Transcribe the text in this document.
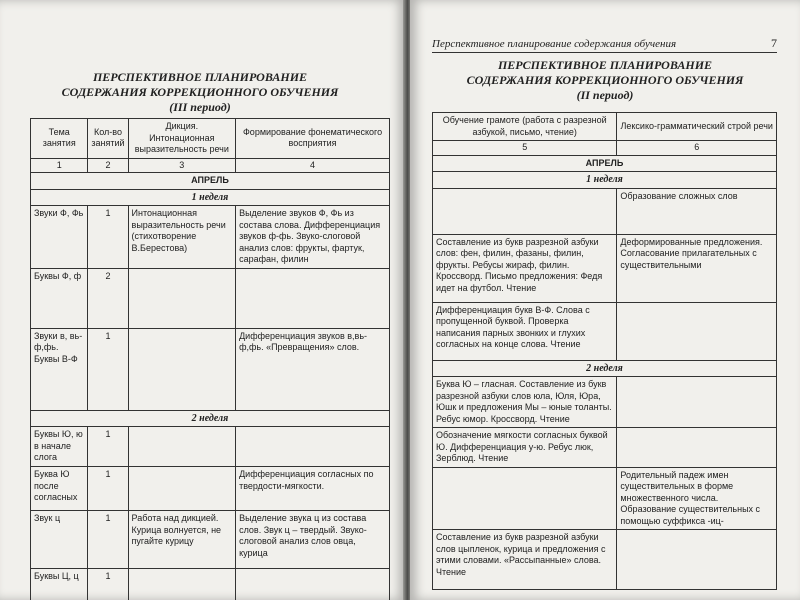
ПЕРСПЕКТИВНОЕ ПЛАНИРОВАНИЕ
СОДЕРЖАНИЯ КОРРЕКЦИОННОГО ОБУЧЕНИЯ
(III период)
Тема занятия	Кол-во занятий	Дикция. Интонационная выразительность речи	Формирование фонематического восприятия
1	2	3	4
АПРЕЛЬ			
1 неделя			
Звуки Ф, Фь	1	Интонационная выразительность речи (стихотворение В.Берестова)	Выделение звуков Ф, Фь из состава слова. Дифференциация звуков ф-фь. Звуко-слоговой анализ слов: фрукты, фартук, сарафан, филин
Буквы Ф, ф	2		
Звуки в, вь-ф,фь. Буквы В-Ф	1		Дифференциация звуков в,вь-ф,фь. «Превращения» слов.
2 неделя			
Буквы Ю, ю в начале слога	1		
Буква Ю после согласных	1		Дифференциация согласных по твердости-мягкости.
Звук ц	1	Работа над дикцией. Курица волнуется, не пугайте курицу	Выделение звука ц из состава слов. Звук ц – твердый. Звуко-слоговой анализ слов овца, курица
Буквы Ц, ц	1		
Перспективное планирование содержания обучения	7
ПЕРСПЕКТИВНОЕ ПЛАНИРОВАНИЕ
СОДЕРЖАНИЯ КОРРЕКЦИОННОГО ОБУЧЕНИЯ
(II период)
Обучение грамоте (работа с разрезной азбукой, письмо, чтение)	Лексико-грамматический строй речи
5	6
АПРЕЛЬ	
1 неделя	
	Образование сложных слов
Составление из букв разрезной азбуки слов: фен, филин, фазаны, филин, фрукты. Ребусы жираф, филин. Кроссворд. Письмо предложения: Федя идет на футбол. Чтение	Деформированные предложения. Согласование прилагательных с существительными
Дифференциация букв В-Ф. Слова с пропущенной буквой. Проверка написания парных звонких и глухих согласных на конце слова. Чтение	
2 неделя	
Буква Ю – гласная. Составление из букв разрезной азбуки слов юла, Юля, Юра, Юшк и предложения Мы – юные толанты. Ребус юмор. Кроссворд. Чтение	
Обозначение мягкости согласных буквой Ю. Дифференциация у-ю. Ребус люк, Зерблюд. Чтение	
	Родительный падеж имен существительных в форме множественного числа. Образование существительных с помощью суффикса -иц-
Составление из букв разрезной азбуки слов цыпленок, курица и предложения с этими словами. «Рассыпанные» слова. Чтение	
